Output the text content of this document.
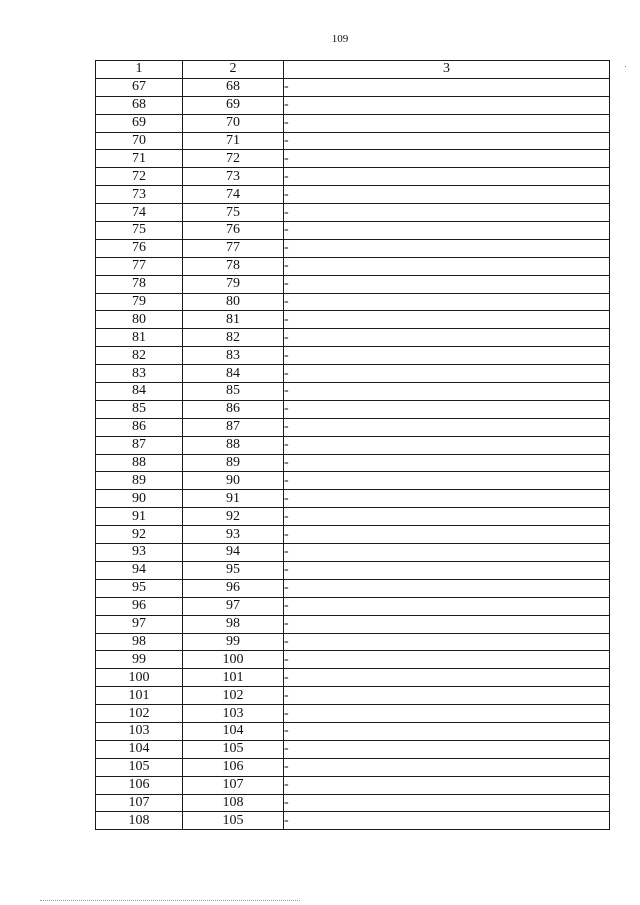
109
1	2	3
67	68	-
68	69	-
69	70	-
70	71	-
71	72	-
72	73	-
73	74	-
74	75	-
75	76	-
76	77	-
77	78	-
78	79	-
79	80	-
80	81	-
81	82	-
82	83	-
83	84	-
84	85	-
85	86	-
86	87	-
87	88	-
88	89	-
89	90	-
90	91	-
91	92	-
92	93	-
93	94	-
94	95	-
95	96	-
96	97	-
97	98	-
98	99	-
99	100	-
100	101	-
101	102	-
102	103	-
103	104	-
104	105	-
105	106	-
106	107	-
107	108	-
108	105	-
